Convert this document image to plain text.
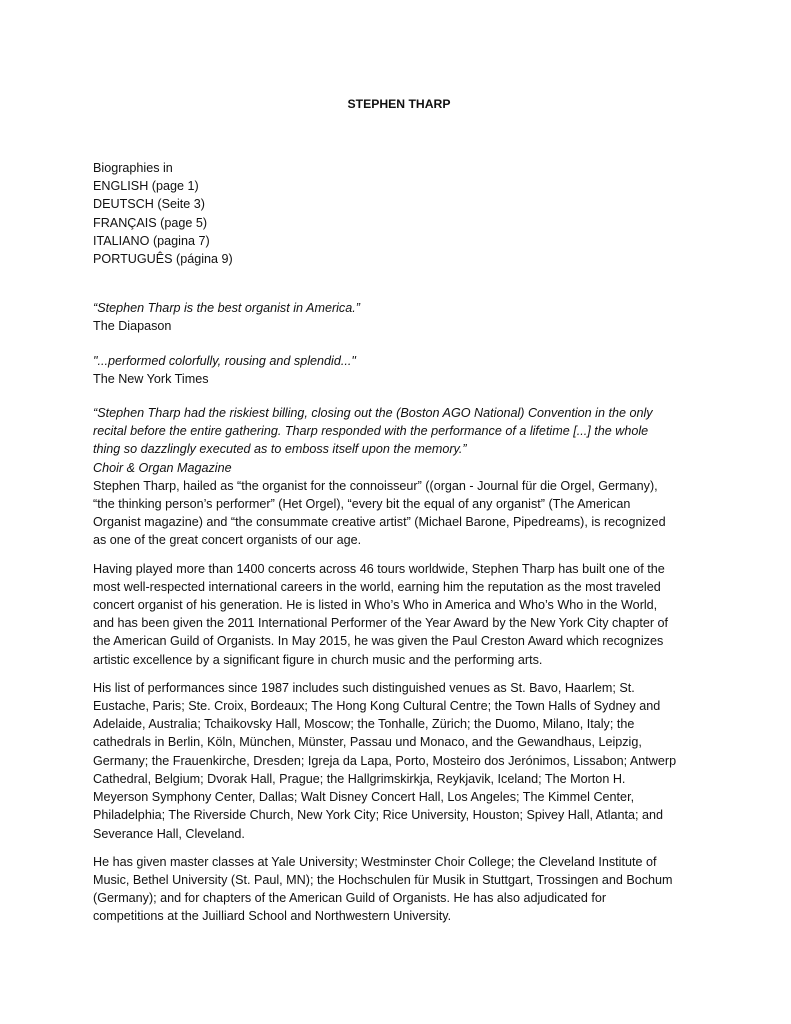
STEPHEN THARP
Biographies in
ENGLISH (page 1)
DEUTSCH (Seite 3)
FRANÇAIS (page 5)
ITALIANO (pagina 7)
PORTUGUÊS (página 9)
“Stephen Tharp is the best organist in America.”
The Diapason
"...performed colorfully, rousing and splendid..."
The New York Times
“Stephen Tharp had the riskiest billing, closing out the (Boston AGO National) Convention in the only
recital before the entire gathering. Tharp responded with the performance of a lifetime [...] the whole
thing so dazzlingly executed as to emboss itself upon the memory.”
Choir & Organ Magazine
Stephen Tharp, hailed as “the organist for the connoisseur” ((organ - Journal für die Orgel, Germany),
“the thinking person’s performer” (Het Orgel), “every bit the equal of any organist” (The American
Organist magazine) and “the consummate creative artist” (Michael Barone, Pipedreams), is recognized
as one of the great concert organists of our age.
Having played more than 1400 concerts across 46 tours worldwide, Stephen Tharp has built one of the
most well-respected international careers in the world, earning him the reputation as the most traveled
concert organist of his generation. He is listed in Who’s Who in America and Who’s Who in the World,
and has been given the 2011 International Performer of the Year Award by the New York City chapter of
the American Guild of Organists. In May 2015, he was given the Paul Creston Award which recognizes
artistic excellence by a significant figure in church music and the performing arts.
His list of performances since 1987 includes such distinguished venues as St. Bavo, Haarlem; St.
Eustache, Paris; Ste. Croix, Bordeaux; The Hong Kong Cultural Centre; the Town Halls of Sydney and
Adelaide, Australia; Tchaikovsky Hall, Moscow; the Tonhalle, Zürich; the Duomo, Milano, Italy; the
cathedrals in Berlin, Köln, München, Münster, Passau und Monaco, and the Gewandhaus, Leipzig,
Germany; the Frauenkirche, Dresden; Igreja da Lapa, Porto, Mosteiro dos Jerónimos, Lissabon; Antwerp
Cathedral, Belgium; Dvorak Hall, Prague; the Hallgrimskirkja, Reykjavik, Iceland; The Morton H.
Meyerson Symphony Center, Dallas; Walt Disney Concert Hall, Los Angeles; The Kimmel Center,
Philadelphia; The Riverside Church, New York City; Rice University, Houston; Spivey Hall, Atlanta; and
Severance Hall, Cleveland.
He has given master classes at Yale University; Westminster Choir College; the Cleveland Institute of
Music, Bethel University (St. Paul, MN); the Hochschulen für Musik in Stuttgart, Trossingen and Bochum
(Germany); and for chapters of the American Guild of Organists. He has also adjudicated for
competitions at the Juilliard School and Northwestern University.
